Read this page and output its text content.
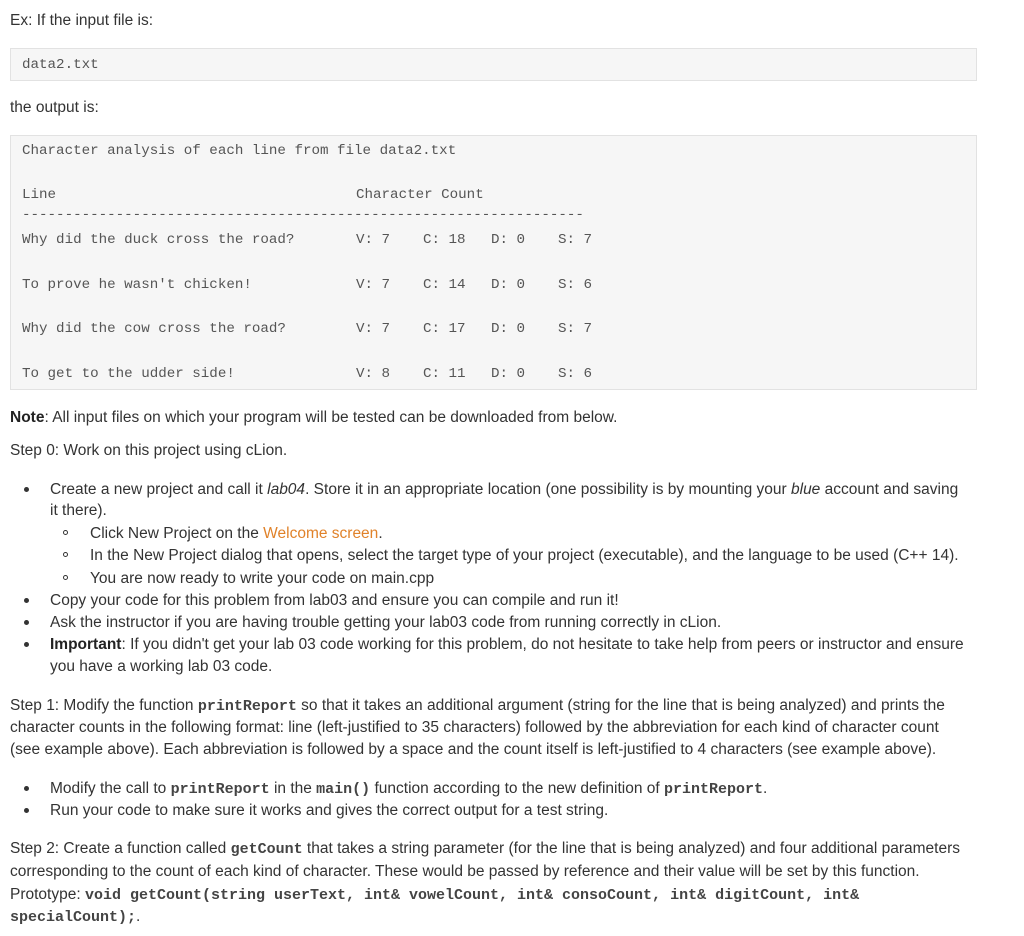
Ex: If the input file is:

data2.txt

the output is:

Character analysis of each line from file data2.txt
Line	Character Count
------------------------------------------------------------------
Why did the duck cross the road?	V: 7 C: 18 D: 0 S: 7
To prove he wasn't chicken!	V: 7 C: 14 D: 0 S: 6
Why did the cow cross the road?	V: 7 C: 17 D: 0 S: 7
To get to the udder side!	V: 8 C: 11 D: 0 S: 6

Note: All input files on which your program will be tested can be downloaded from below.

Step 0: Work on this project using cLion.

Create a new project and call it lab04. Store it in an appropriate location (one possibility is by mounting your blue account and saving
it there).
Click New Project on the Welcome screen.
In the New Project dialog that opens, select the target type of your project (executable), and the language to be used (C++ 14).
You are now ready to write your code on main.cpp
Copy your code for this problem from lab03 and ensure you can compile and run it!
Ask the instructor if you are having trouble getting your lab03 code from running correctly in cLion.
Important: If you didn't get your lab 03 code working for this problem, do not hesitate to take help from peers or instructor and ensure
you have a working lab 03 code.

Step 1: Modify the function printReport so that it takes an additional argument (string for the line that is being analyzed) and prints the

character counts in the following format: line (left-justified to 35 characters) followed by the abbreviation for each kind of character count

(see example above). Each abbreviation is followed by a space and the count itself is left-justified to 4 characters (see example above).

Modify the call to printReport in the main() function according to the new definition of printReport.
Run your code to make sure it works and gives the correct output for a test string.

Step 2: Create a function called getCount that takes a string parameter (for the line that is being analyzed) and four additional parameters

corresponding to the count of each kind of character. These would be passed by reference and their value will be set by this function.

Prototype: void getCount(string userText, int& vowelCount, int& consoCount, int& digitCount, int&

specialCount);.
